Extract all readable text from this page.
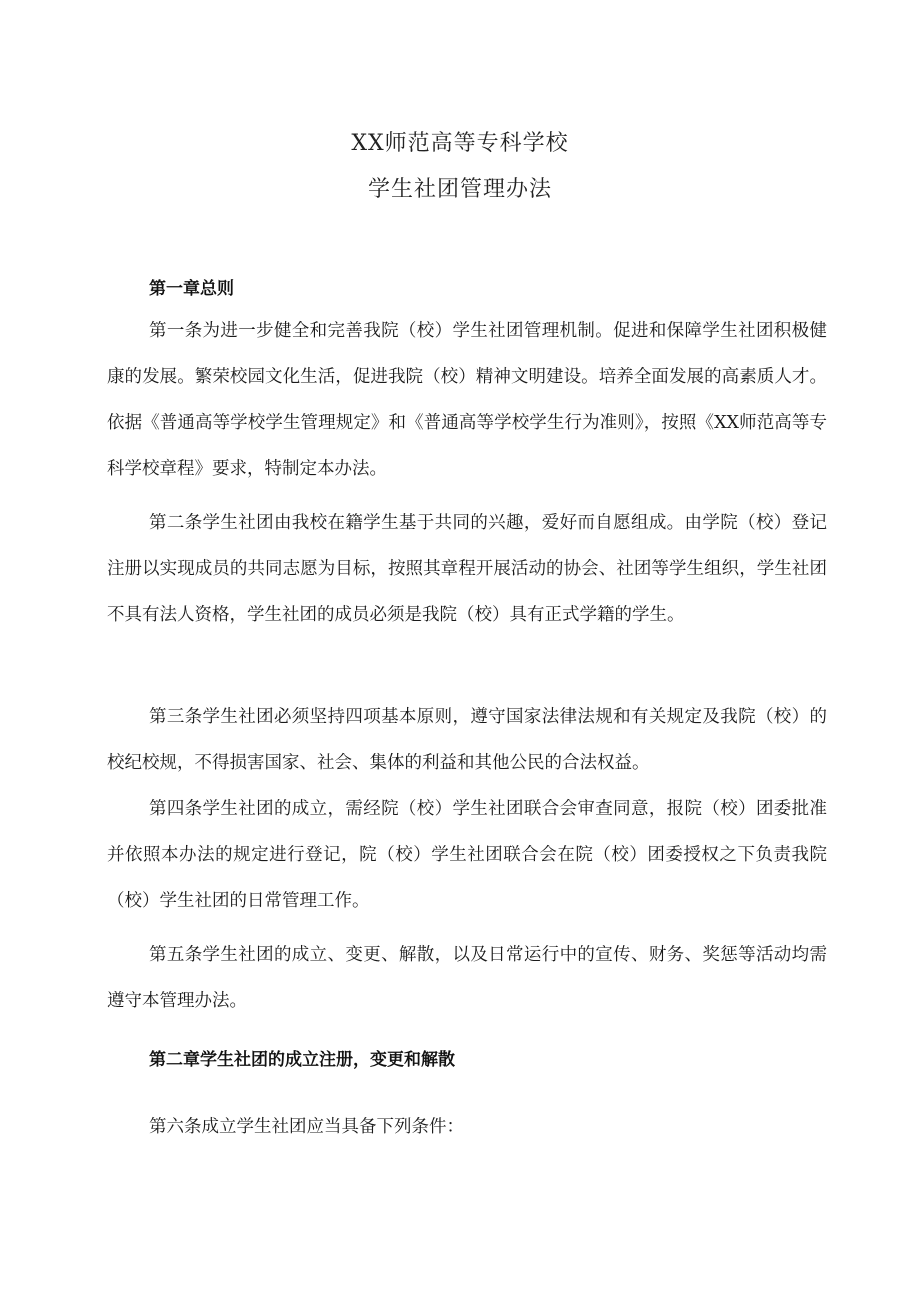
XX师范高等专科学校
学生社团管理办法
第一章总则

第一条为进一步健全和完善我院（校）学生社团管理机制。促进和保障学生社团积极健康的发展。繁荣校园文化生活，促进我院（校）精神文明建设。培养全面发展的高素质人才。依据《普通高等学校学生管理规定》和《普通高等学校学生行为准则》，按照《XX师范高等专科学校章程》要求，特制定本办法。

第二条学生社团由我校在籍学生基于共同的兴趣，爱好而自愿组成。由学院（校）登记注册以实现成员的共同志愿为目标，按照其章程开展活动的协会、社团等学生组织，学生社团不具有法人资格，学生社团的成员必须是我院（校）具有正式学籍的学生。

第三条学生社团必须坚持四项基本原则，遵守国家法律法规和有关规定及我院（校）的校纪校规，不得损害国家、社会、集体的利益和其他公民的合法权益。

第四条学生社团的成立，需经院（校）学生社团联合会审查同意，报院（校）团委批准并依照本办法的规定进行登记，院（校）学生社团联合会在院（校）团委授权之下负责我院（校）学生社团的日常管理工作。

第五条学生社团的成立、变更、解散，以及日常运行中的宣传、财务、奖惩等活动均需遵守本管理办法。

第二章学生社团的成立注册，变更和解散

第六条成立学生社团应当具备下列条件：
